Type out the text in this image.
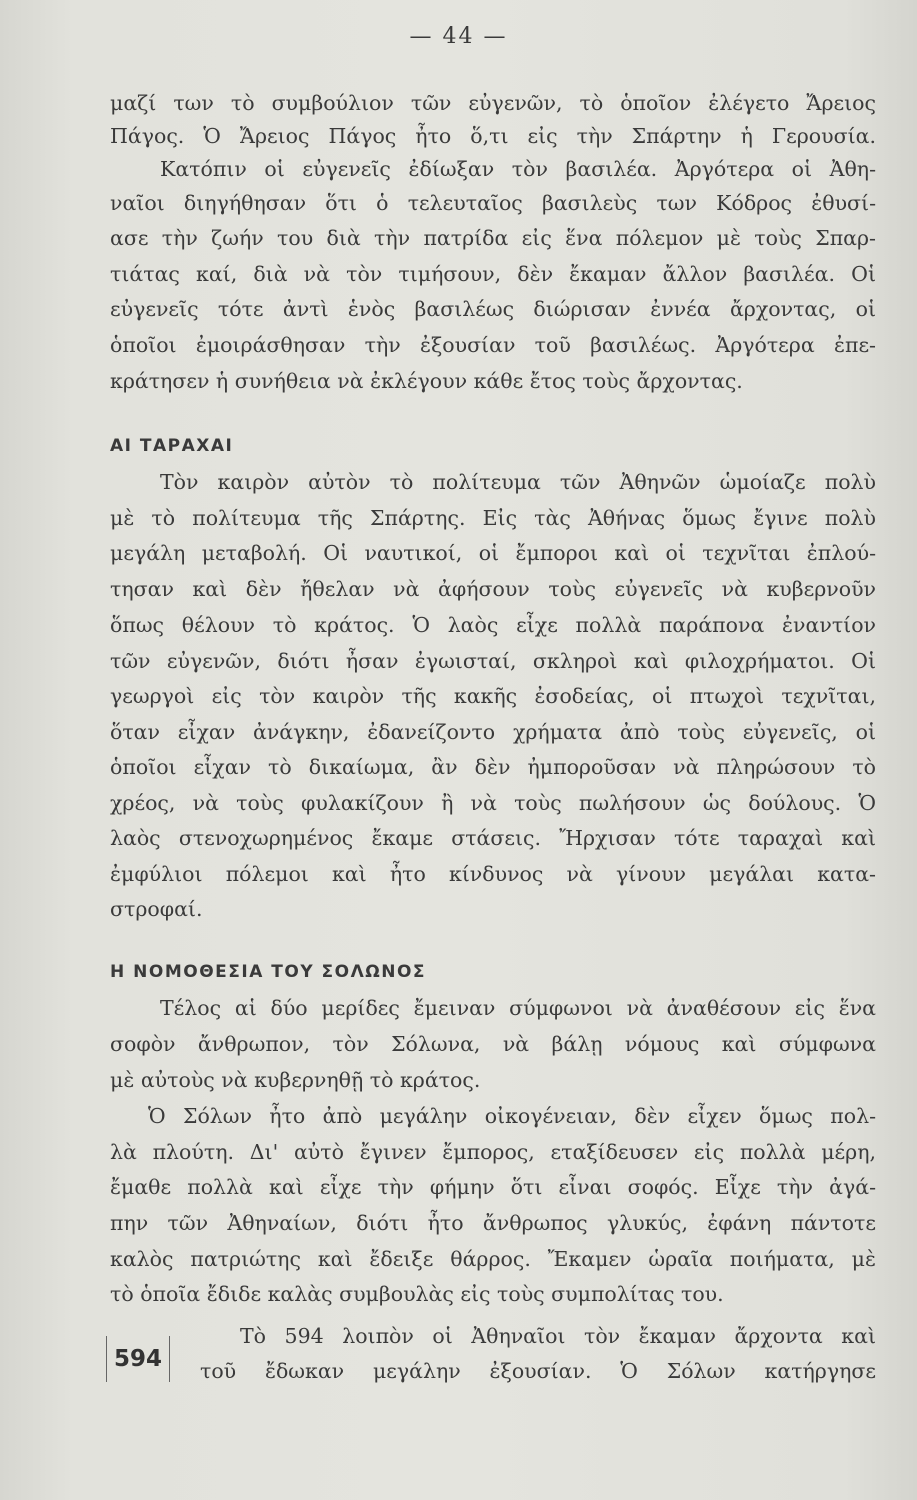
— 44 —
μαζί των τὸ συμβούλιον τῶν εὐγενῶν, τὸ ὁποῖον ἐλέγετο Ἄρειος
Πάγος. Ὁ Ἄρειος Πάγος ἦτο ὅ,τι εἰς τὴν Σπάρτην ἡ Γερουσία.
Κατόπιν οἱ εὐγενεῖς ἐδίωξαν τὸν βασιλέα. Ἀργότερα οἱ Ἀθη-
ναῖοι διηγήθησαν ὅτι ὁ τελευταῖος βασιλεὺς των Κόδρος ἐθυσί-
ασε τὴν ζωήν του διὰ τὴν πατρίδα εἰς ἕνα πόλεμον μὲ τοὺς Σπαρ-
τιάτας καί, διὰ νὰ τὸν τιμήσουν, δὲν ἔκαμαν ἄλλον βασιλέα. Οἱ
εὐγενεῖς τότε ἀντὶ ἑνὸς βασιλέως διώρισαν ἐννέα ἄρχοντας, οἱ
ὁποῖοι ἐμοιράσθησαν τὴν ἐξουσίαν τοῦ βασιλέως. Ἀργότερα ἐπε-
κράτησεν ἡ συνήθεια νὰ ἐκλέγουν κάθε ἔτος τοὺς ἄρχοντας.
ΑΙ ΤΑΡΑΧΑΙ
Τὸν καιρὸν αὐτὸν τὸ πολίτευμα τῶν Ἀθηνῶν ὡμοίαζε πολὺ
μὲ τὸ πολίτευμα τῆς Σπάρτης. Εἰς τὰς Ἀθήνας ὅμως ἔγινε πολὺ
μεγάλη μεταβολή. Οἱ ναυτικοί, οἱ ἔμποροι καὶ οἱ τεχνῖται ἐπλού-
τησαν καὶ δὲν ἤθελαν νὰ ἀφήσουν τοὺς εὐγενεῖς νὰ κυβερνοῦν
ὅπως θέλουν τὸ κράτος. Ὁ λαὸς εἶχε πολλὰ παράπονα ἐναντίον
τῶν εὐγενῶν, διότι ἦσαν ἐγωισταί, σκληροὶ καὶ φιλοχρήματοι. Οἱ
γεωργοὶ εἰς τὸν καιρὸν τῆς κακῆς ἐσοδείας, οἱ πτωχοὶ τεχνῖται,
ὅταν εἶχαν ἀνάγκην, ἐδανείζοντο χρήματα ἀπὸ τοὺς εὐγενεῖς, οἱ
ὁποῖοι εἶχαν τὸ δικαίωμα, ἂν δὲν ἠμποροῦσαν νὰ πληρώσουν τὸ
χρέος, νὰ τοὺς φυλακίζουν ἢ νὰ τοὺς πωλήσουν ὡς δούλους. Ὁ
λαὸς στενοχωρημένος ἔκαμε στάσεις. Ἤρχισαν τότε ταραχαὶ καὶ
ἐμφύλιοι πόλεμοι καὶ ἦτο κίνδυνος νὰ γίνουν μεγάλαι κατα-
στροφαί.
Η ΝΟΜΟΘΕΣΙΑ ΤΟΥ ΣΟΛΩΝΟΣ
Τέλος αἱ δύο μερίδες ἔμειναν σύμφωνοι νὰ ἀναθέσουν εἰς ἕνα
σοφὸν ἄνθρωπον, τὸν Σόλωνα, νὰ βάλῃ νόμους καὶ σύμφωνα
μὲ αὐτοὺς νὰ κυβερνηθῇ τὸ κράτος.
Ὁ Σόλων ἦτο ἀπὸ μεγάλην οἰκογένειαν, δὲν εἶχεν ὅμως πολ-
λὰ πλούτη. Δι' αὐτὸ ἔγινεν ἔμπορος, εταξίδευσεν εἰς πολλὰ μέρη,
ἔμαθε πολλὰ καὶ εἶχε τὴν φήμην ὅτι εἶναι σοφός. Εἶχε τὴν ἀγά-
πην τῶν Ἀθηναίων, διότι ἦτο ἄνθρωπος γλυκύς, ἐφάνη πάντοτε
καλὸς πατριώτης καὶ ἔδειξε θάρρος. Ἔκαμεν ὡραῖα ποιήματα, μὲ
τὸ ὁποῖα ἔδιδε καλὰς συμβουλὰς εἰς τοὺς συμπολίτας του.
594
Τὸ 594 λοιπὸν οἱ Ἀθηναῖοι τὸν ἔκαμαν ἄρχοντα καὶ
τοῦ ἔδωκαν μεγάλην ἐξουσίαν. Ὁ Σόλων κατήργησε
